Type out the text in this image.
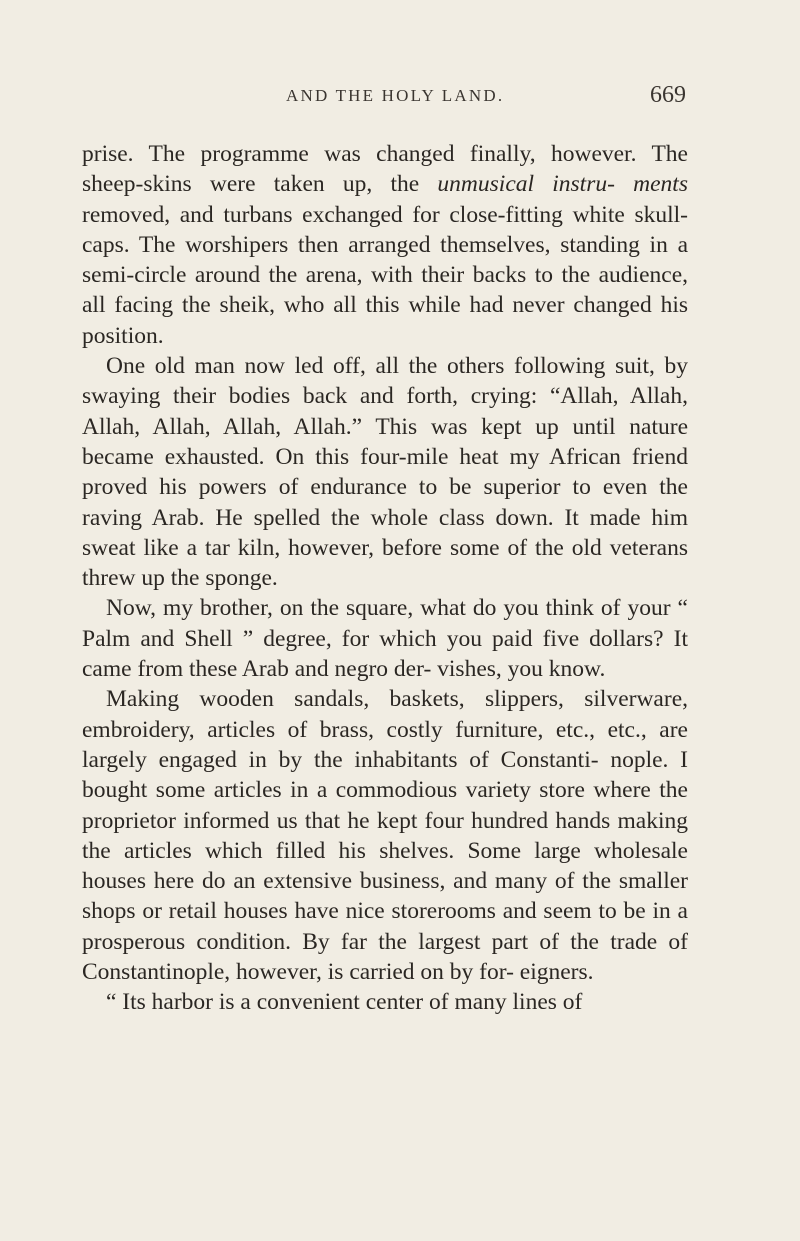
AND THE HOLY LAND.	669

prise. The programme was changed finally, however. The sheep-skins were taken up, the unmusical instru- ments removed, and turbans exchanged for close-fitting white skull-caps. The worshipers then arranged themselves, standing in a semi-circle around the arena, with their backs to the audience, all facing the sheik, who all this while had never changed his position.

One old man now led off, all the others following suit, by swaying their bodies back and forth, crying: “Allah, Allah, Allah, Allah, Allah, Allah.” This was kept up until nature became exhausted. On this four-mile heat my African friend proved his powers of endurance to be superior to even the raving Arab. He spelled the whole class down. It made him sweat like a tar kiln, however, before some of the old veterans threw up the sponge.

Now, my brother, on the square, what do you think of your “ Palm and Shell ” degree, for which you paid five dollars? It came from these Arab and negro der- vishes, you know.

Making wooden sandals, baskets, slippers, silverware, embroidery, articles of brass, costly furniture, etc., etc., are largely engaged in by the inhabitants of Constanti- nople. I bought some articles in a commodious variety store where the proprietor informed us that he kept four hundred hands making the articles which filled his shelves. Some large wholesale houses here do an extensive business, and many of the smaller shops or retail houses have nice storerooms and seem to be in a prosperous condition. By far the largest part of the trade of Constantinople, however, is carried on by for- eigners.

“ Its harbor is a convenient center of many lines of
